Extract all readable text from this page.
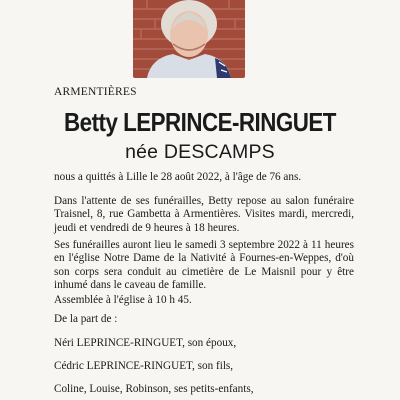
ARMENTIÈRES
Betty LEPRINCE-RINGUET
née DESCAMPS
nous a quittés à Lille le 28 août 2022, à l'âge de 76 ans.
Dans l'attente de ses funérailles, Betty repose au salon funéraire Traisnel, 8, rue Gambetta à Armentières. Visites mardi, mercredi, jeudi et vendredi de 9 heures à 18 heures.
Ses funérailles auront lieu le samedi 3 septembre 2022 à 11 heures en l'église Notre Dame de la Nativité à Fournes-en-Weppes, d'où son corps sera conduit au cimetière de Le Maisnil pour y être inhumé dans le caveau de famille.
Assemblée à l'église à 10 h 45.
De la part de :
Néri LEPRINCE-RINGUET, son époux,
Cédric LEPRINCE-RINGUET, son fils,
Coline, Louise, Robinson, ses petits-enfants,
